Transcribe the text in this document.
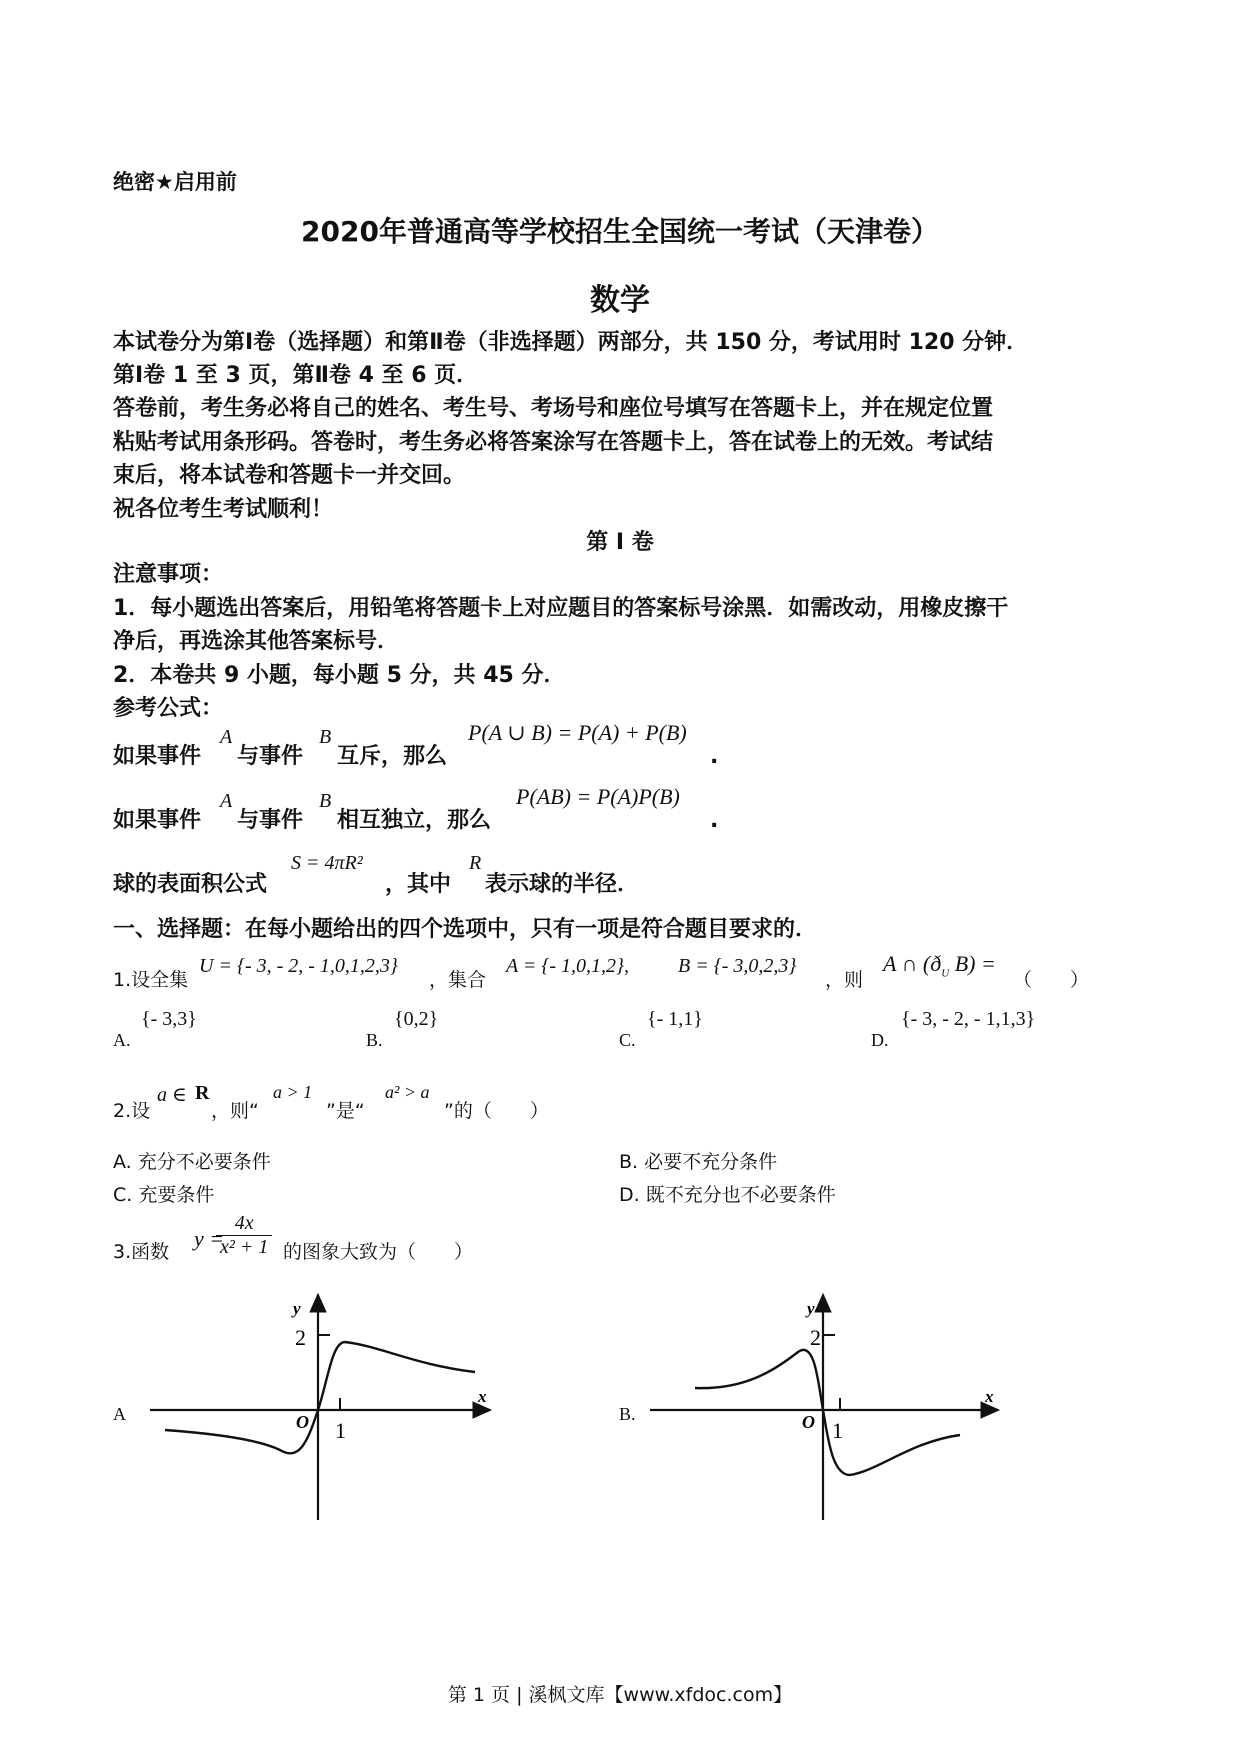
绝密★启用前
2020年普通高等学校招生全国统一考试（天津卷）
数学
本试卷分为第Ⅰ卷（选择题）和第Ⅱ卷（非选择题）两部分，共 150 分，考试用时 120 分钟．
第Ⅰ卷 1 至 3 页，第Ⅱ卷 4 至 6 页．
答卷前，考生务必将自己的姓名、考生号、考场号和座位号填写在答题卡上，并在规定位置
粘贴考试用条形码。答卷时，考生务必将答案涂写在答题卡上，答在试卷上的无效。考试结
束后，将本试卷和答题卡一并交回。
祝各位考生考试顺利！
第 I 卷
注意事项：
1．每小题选出答案后，用铅笔将答题卡上对应题目的答案标号涂黑．如需改动，用橡皮擦干
净后，再选涂其他答案标号．
2．本卷共 9 小题，每小题 5 分，共 45 分．
参考公式：
如果事件
A
与事件
B
互斥，那么
P(A ∪ B) = P(A) + P(B)
.
如果事件
A
与事件
B
相互独立，那么
P(AB) = P(A)P(B)
.
球的表面积公式
S = 4πR²
，其中
R
表示球的半径．
一、选择题：在每小题给出的四个选项中，只有一项是符合题目要求的．
1.设全集
U = {- 3, - 2, - 1,0,1,2,3}
，集合
A = {- 1,0,1,2}, B = {- 3,0,2,3}
，则
A ∩ ($ð_U$ B) =
（　　）
A.
{- 3,3}
B.
{0,2}
C.
{- 1,1}
D.
{- 3, - 2, - 1,1,3}
2.设
a ∈ R
，则“
a > 1
”是“
a² > a
”的（　　）
A. 充分不必要条件	B. 必要不充分条件
C. 充要条件	D. 既不充分也不必要条件
3.函数
y =
$\frac{4x}{\text{x² + 1}}$ 的图象大致为（　　）
A
2
1
O
y
x
B.
2
1
O
y
x
第 1 页 | 溪枫文库【www.xfdoc.com】
